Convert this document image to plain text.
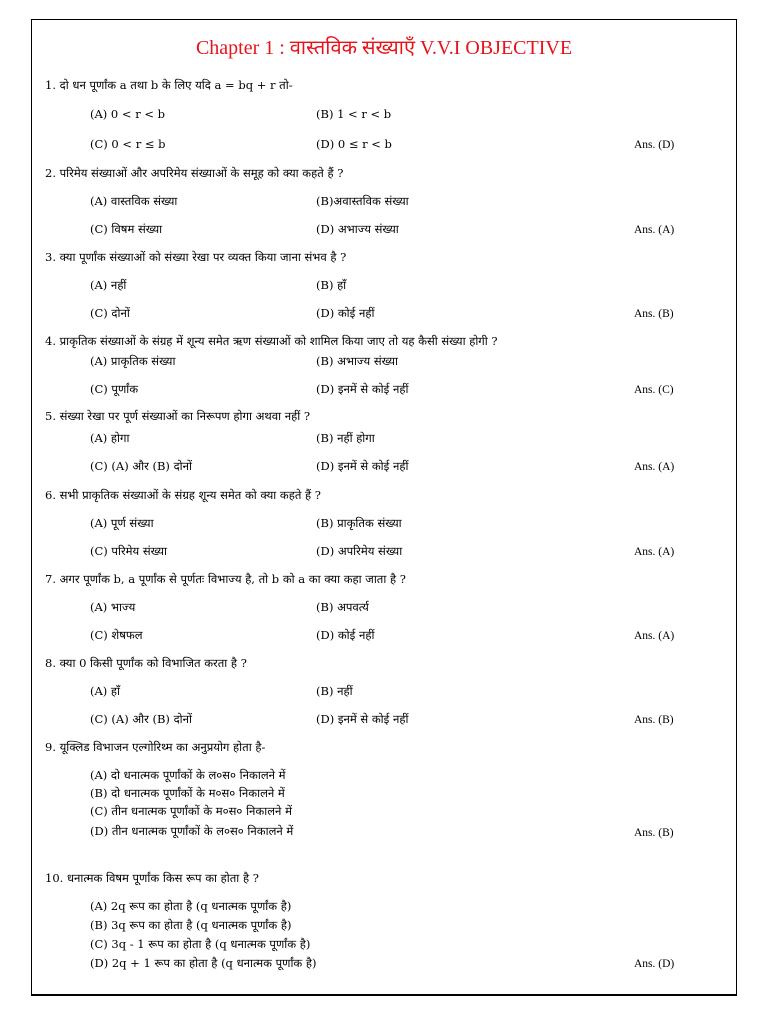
Chapter 1 : वास्तविक संख्याएँ V.V.I OBJECTIVE
1. दो धन पूर्णांक a तथा b के लिए यदि a = bq + r तो-
(A) 0 < r < b	(B) 1 < r < b
(C) 0 < r ≤ b	(D) 0 ≤ r < b	Ans. (D)
2. परिमेय संख्याओं और अपरिमेय संख्याओं के समूह को क्या कहते हैं ?
(A) वास्तविक संख्या	(B)अवास्तविक संख्या
(C) विषम संख्या	(D) अभाज्य संख्या	Ans. (A)
3. क्या पूर्णांक संख्याओं को संख्या रेखा पर व्यक्त किया जाना संभव है ?
(A) नहीं	(B) हाँ
(C) दोनों	(D) कोई नहीं	Ans. (B)
4. प्राकृतिक संख्याओं के संग्रह में शून्य समेत ऋण संख्याओं को शामिल किया जाए तो यह कैसी संख्या होगी ?
(A) प्राकृतिक संख्या	(B) अभाज्य संख्या
(C) पूर्णांक	(D) इनमें से कोई नहीं	Ans. (C)
5. संख्या रेखा पर पूर्ण संख्याओं का निरूपण होगा अथवा नहीं ?
(A) होगा	(B) नहीं होगा
(C) (A) और (B) दोनों	(D) इनमें से कोई नहीं	Ans. (A)
6. सभी प्राकृतिक संख्याओं के संग्रह शून्य समेत को क्या कहते हैं ?
(A) पूर्ण संख्या	(B) प्राकृतिक संख्या
(C) परिमेय संख्या	(D) अपरिमेय संख्या	Ans. (A)
7. अगर पूर्णांक b, a पूर्णांक से पूर्णतः विभाज्य है, तो b को a का क्या कहा जाता है ?
(A) भाज्य	(B) अपवर्त्य
(C) शेषफल	(D) कोई नहीं	Ans. (A)
8. क्या 0 किसी पूर्णांक को विभाजित करता है ?
(A) हाँ	(B) नहीं
(C) (A) और (B) दोनों	(D) इनमें से कोई नहीं	Ans. (B)
9. यूक्लिड विभाजन एल्गोरिथ्म का अनुप्रयोग होता है-
(A) दो धनात्मक पूर्णांकों के ल०स० निकालने में
(B) दो धनात्मक पूर्णांकों के म०स० निकालने में
(C) तीन धनात्मक पूर्णांकों के म०स० निकालने में
(D) तीन धनात्मक पूर्णांकों के ल०स० निकालने में	Ans. (B)
10. धनात्मक विषम पूर्णांक किस रूप का होता है ?
(A) 2q रूप का होता है (q धनात्मक पूर्णांक है)
(B) 3q रूप का होता है (q धनात्मक पूर्णांक है)
(C) 3q - 1 रूप का होता है (q धनात्मक पूर्णांक है)
(D) 2q + 1 रूप का होता है (q धनात्मक पूर्णांक है)	Ans. (D)
